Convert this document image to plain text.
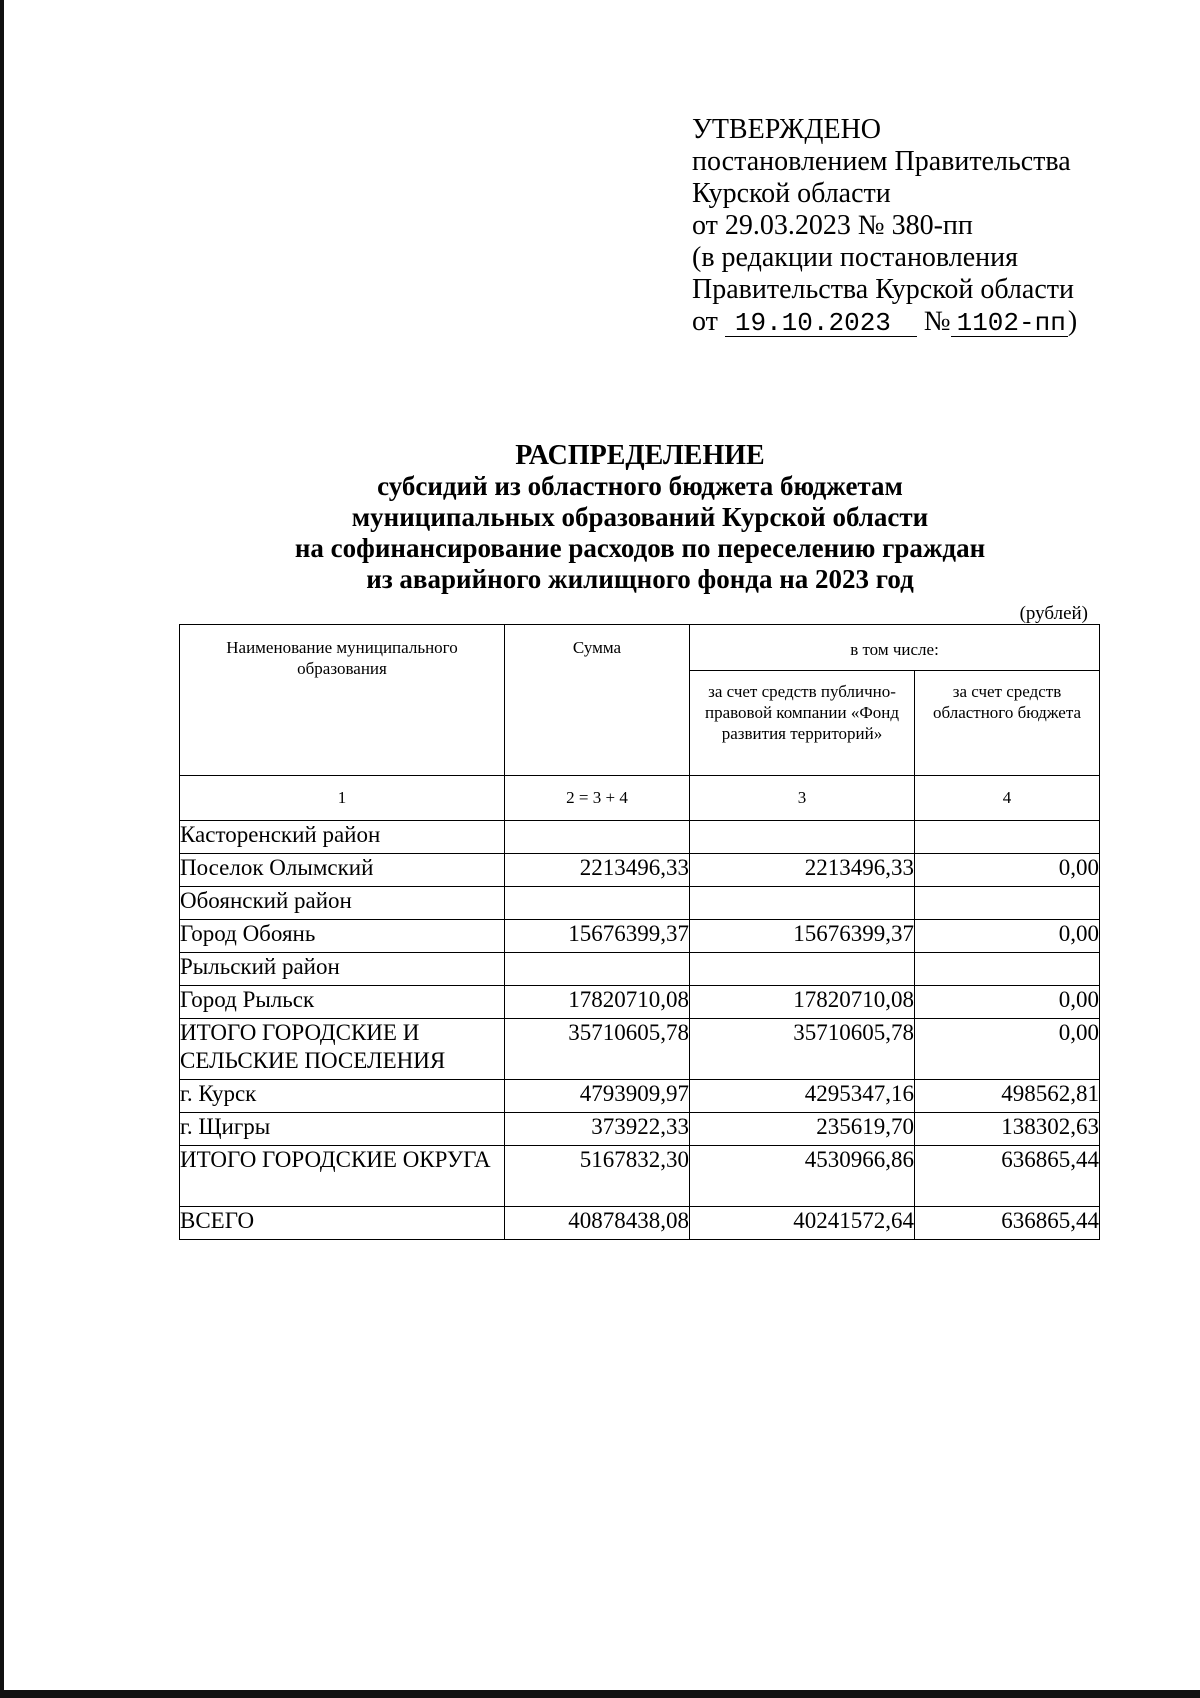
УТВЕРЖДЕНО
постановлением Правительства
Курской области
от 29.03.2023 № 380-пп
(в редакции постановления
Правительства Курской области
от 19.10.2023 № 1102-пп)
РАСПРЕДЕЛЕНИЕ
субсидий из областного бюджета бюджетам
муниципальных образований Курской области
на софинансирование расходов по переселению граждан
из аварийного жилищного фонда на 2023 год
(рублей)
Наименование муниципального образования	Сумма	в том числе:	
		за счет средств публично-правовой компании «Фонд развития территорий»	за счет средств областного бюджета
1	2 = 3 + 4	3	4
Касторенский район			
Поселок Олымский	2213496,33	2213496,33	0,00
Обоянский район			
Город Обоянь	15676399,37	15676399,37	0,00
Рыльский район			
Город Рыльск	17820710,08	17820710,08	0,00
ИТОГО ГОРОДСКИЕ И СЕЛЬСКИЕ ПОСЕЛЕНИЯ	35710605,78	35710605,78	0,00
г. Курск	4793909,97	4295347,16	498562,81
г. Щигры	373922,33	235619,70	138302,63
ИТОГО ГОРОДСКИЕ ОКРУГА	5167832,30	4530966,86	636865,44
ВСЕГО	40878438,08	40241572,64	636865,44
